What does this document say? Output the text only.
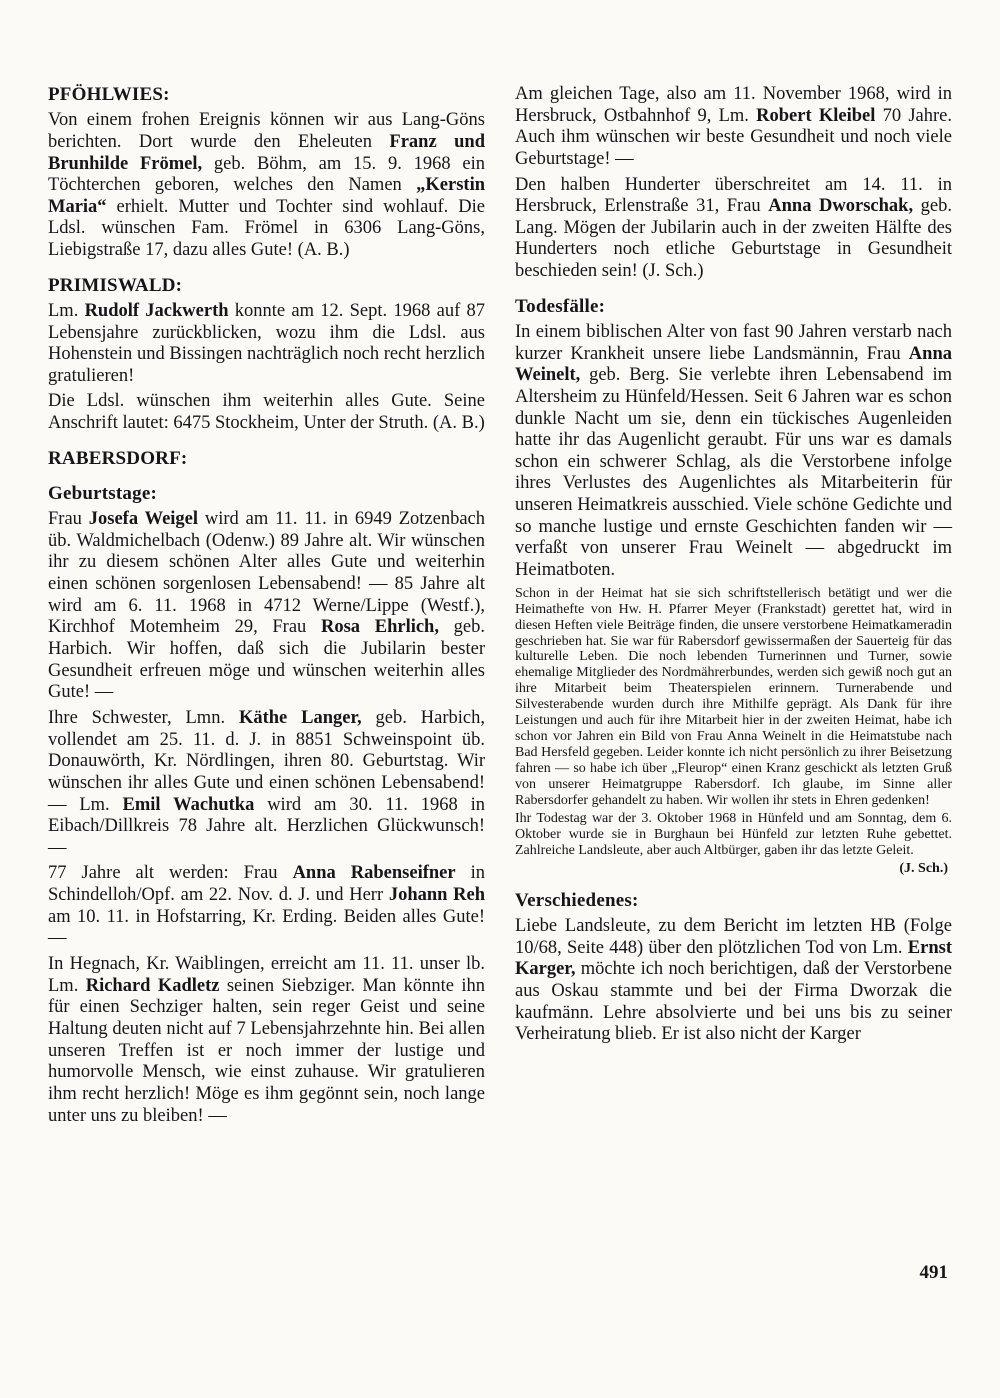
PFÖHLWIES:

Von einem frohen Ereignis können wir aus Lang-Göns berichten. Dort wurde den Eheleuten Franz und Brunhilde Frömel, geb. Böhm, am 15. 9. 1968 ein Töchterchen geboren, welches den Namen „Kerstin Maria“ erhielt. Mutter und Tochter sind wohlauf. Die Ldsl. wünschen Fam. Frömel in 6306 Lang-Göns, Liebigstraße 17, dazu alles Gute! (A. B.)

PRIMISWALD:

Lm. Rudolf Jackwerth konnte am 12. Sept. 1968 auf 87 Lebensjahre zurückblicken, wozu ihm die Ldsl. aus Hohenstein und Bissingen nachträglich noch recht herzlich gratulieren!

Die Ldsl. wünschen ihm weiterhin alles Gute. Seine Anschrift lautet: 6475 Stockheim, Unter der Struth. (A. B.)

RABERSDORF:
Geburtstage:

Frau Josefa Weigel wird am 11. 11. in 6949 Zotzenbach üb. Waldmichelbach (Odenw.) 89 Jahre alt. Wir wünschen ihr zu diesem schönen Alter alles Gute und weiterhin einen schönen sorgenlosen Lebensabend! — 85 Jahre alt wird am 6. 11. 1968 in 4712 Werne/Lippe (Westf.), Kirchhof Motemheim 29, Frau Rosa Ehrlich, geb. Harbich. Wir hoffen, daß sich die Jubilarin bester Gesundheit erfreuen möge und wünschen weiterhin alles Gute! —

Ihre Schwester, Lmn. Käthe Langer, geb. Harbich, vollendet am 25. 11. d. J. in 8851 Schweinspoint üb. Donauwörth, Kr. Nördlingen, ihren 80. Geburtstag. Wir wünschen ihr alles Gute und einen schönen Lebensabend! — Lm. Emil Wachutka wird am 30. 11. 1968 in Eibach/Dillkreis 78 Jahre alt. Herzlichen Glückwunsch! —

77 Jahre alt werden: Frau Anna Rabenseifner in Schindelloh/Opf. am 22. Nov. d. J. und Herr Johann Reh am 10. 11. in Hofstarring, Kr. Erding. Beiden alles Gute! —

In Hegnach, Kr. Waiblingen, erreicht am 11. 11. unser lb. Lm. Richard Kadletz seinen Siebziger. Man könnte ihn für einen Sechziger halten, sein reger Geist und seine Haltung deuten nicht auf 7 Lebensjahrzehnte hin. Bei allen unseren Treffen ist er noch immer der lustige und humorvolle Mensch, wie einst zuhause. Wir gratulieren ihm recht herzlich! Möge es ihm gegönnt sein, noch lange unter uns zu bleiben! —

Am gleichen Tage, also am 11. November 1968, wird in Hersbruck, Ostbahnhof 9, Lm. Robert Kleibel 70 Jahre. Auch ihm wünschen wir beste Gesundheit und noch viele Geburtstage! —

Den halben Hunderter überschreitet am 14. 11. in Hersbruck, Erlenstraße 31, Frau Anna Dworschak, geb. Lang. Mögen der Jubilarin auch in der zweiten Hälfte des Hunderters noch etliche Geburtstage in Gesundheit beschieden sein! (J. Sch.)

Todesfälle:

In einem biblischen Alter von fast 90 Jahren verstarb nach kurzer Krankheit unsere liebe Landsmännin, Frau Anna Weinelt, geb. Berg. Sie verlebte ihren Lebensabend im Altersheim zu Hünfeld/Hessen. Seit 6 Jahren war es schon dunkle Nacht um sie, denn ein tückisches Augenleiden hatte ihr das Augenlicht geraubt. Für uns war es damals schon ein schwerer Schlag, als die Verstorbene infolge ihres Verlustes des Augenlichtes als Mitarbeiterin für unseren Heimatkreis ausschied. Viele schöne Gedichte und so manche lustige und ernste Geschichten fanden wir — verfaßt von unserer Frau Weinelt — abgedruckt im Heimatboten.

Schon in der Heimat hat sie sich schriftstellerisch betätigt und wer die Heimathefte von Hw. H. Pfarrer Meyer (Frankstadt) gerettet hat, wird in diesen Heften viele Beiträge finden, die unsere verstorbene Heimatkameradin geschrieben hat. Sie war für Rabersdorf gewissermaßen der Sauerteig für das kulturelle Leben. Die noch lebenden Turnerinnen und Turner, sowie ehemalige Mitglieder des Nordmährerbundes, werden sich gewiß noch gut an ihre Mitarbeit beim Theaterspielen erinnern. Turnerabende und Silvesterabende wurden durch ihre Mithilfe geprägt. Als Dank für ihre Leistungen und auch für ihre Mitarbeit hier in der zweiten Heimat, habe ich schon vor Jahren ein Bild von Frau Anna Weinelt in die Heimatstube nach Bad Hersfeld gegeben. Leider konnte ich nicht persönlich zu ihrer Beisetzung fahren — so habe ich über „Fleurop“ einen Kranz geschickt als letzten Gruß von unserer Heimatgruppe Rabersdorf. Ich glaube, im Sinne aller Rabersdorfer gehandelt zu haben. Wir wollen ihr stets in Ehren gedenken!

Ihr Todestag war der 3. Oktober 1968 in Hünfeld und am Sonntag, dem 6. Oktober wurde sie in Burghaun bei Hünfeld zur letzten Ruhe gebettet. Zahlreiche Landsleute, aber auch Altbürger, gaben ihr das letzte Geleit.

(J. Sch.)
Verschiedenes:

Liebe Landsleute, zu dem Bericht im letzten HB (Folge 10/68, Seite 448) über den plötzlichen Tod von Lm. Ernst Karger, möchte ich noch berichtigen, daß der Verstorbene aus Oskau stammte und bei der Firma Dworzak die kaufmänn. Lehre absolvierte und bei uns bis zu seiner Verheiratung blieb. Er ist also nicht der Karger

491
